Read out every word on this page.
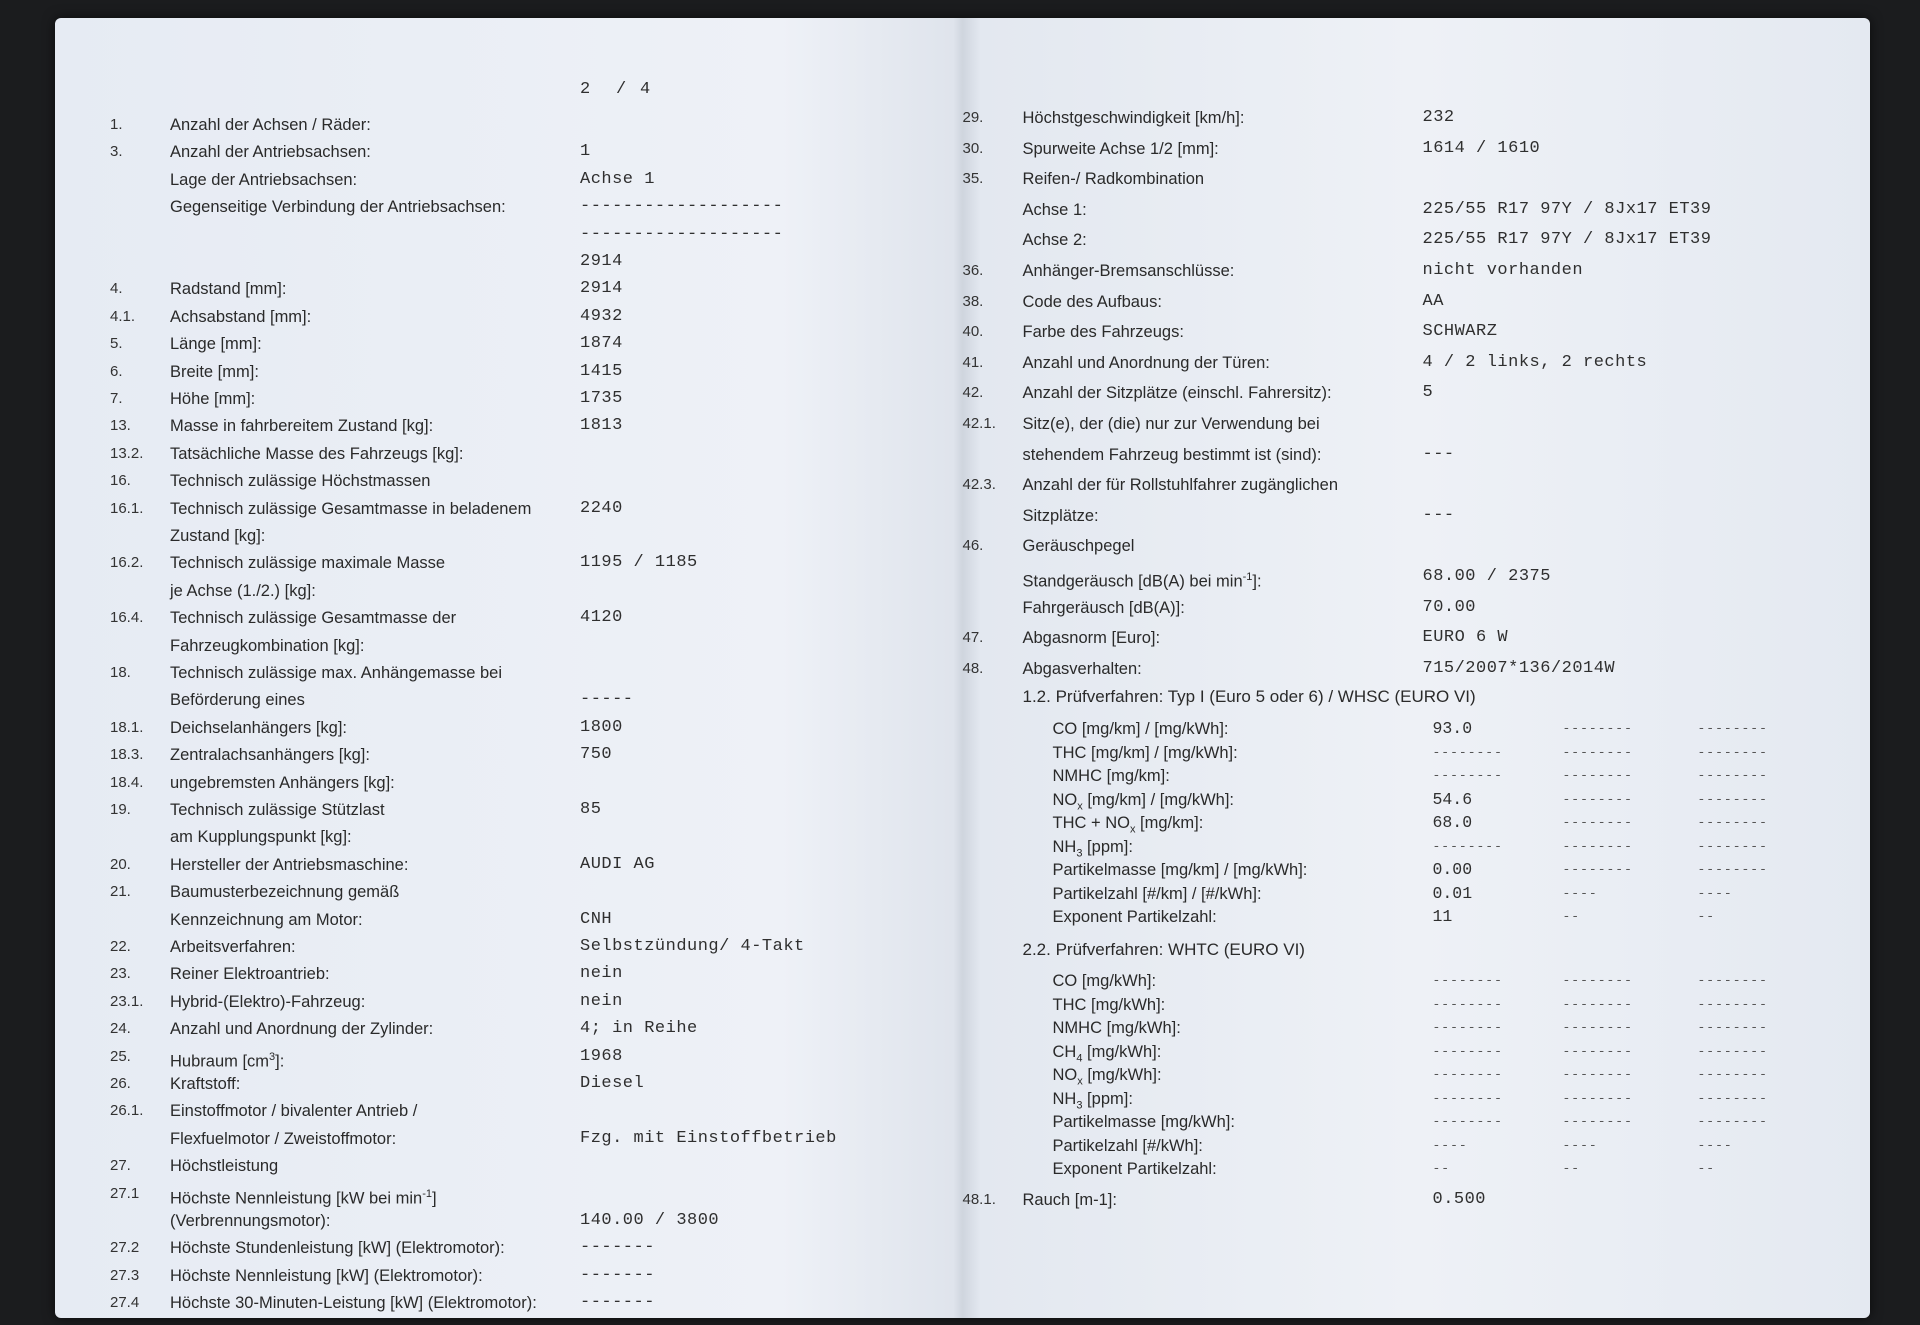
2 / 4
1.	Anzahl der Achsen / Räder:
3.	Anzahl der Antriebsachsen:	1
Lage der Antriebsachsen:	Achse 1
Gegenseitige Verbindung der Antriebsachsen:	-------------------
-------------------
2914
4.	Radstand [mm]:	2914
4.1.	Achsabstand [mm]:	4932
5.	Länge [mm]:	1874
6.	Breite [mm]:	1415
7.	Höhe [mm]:	1735
13.	Masse in fahrbereitem Zustand [kg]:	1813
13.2.	Tatsächliche Masse des Fahrzeugs [kg]:
16.	Technisch zulässige Höchstmassen
16.1.	Technisch zulässige Gesamtmasse in beladenem	2240
Zustand [kg]:
16.2.	Technisch zulässige maximale Masse	1195 / 1185
je Achse (1./2.) [kg]:
16.4.	Technisch zulässige Gesamtmasse der	4120
Fahrzeugkombination [kg]:
18.	Technisch zulässige max. Anhängemasse bei
Beförderung eines	-----
18.1.	Deichselanhängers [kg]:	1800
18.3.	Zentralachsanhängers [kg]:	750
18.4.	ungebremsten Anhängers [kg]:
19.	Technisch zulässige Stützlast	85
am Kupplungspunkt [kg]:
20.	Hersteller der Antriebsmaschine:	AUDI AG
21.	Baumusterbezeichnung gemäß
Kennzeichnung am Motor:	CNH
22.	Arbeitsverfahren:	Selbstzündung/ 4-Takt
23.	Reiner Elektroantrieb:	nein
23.1.	Hybrid-(Elektro)-Fahrzeug:	nein
24.	Anzahl und Anordnung der Zylinder:	4; in Reihe
25.	Hubraum $[cm^3]$:	1968
26.	Kraftstoff:	Diesel
26.1.	Einstoffmotor / bivalenter Antrieb /
Flexfuelmotor / Zweistoffmotor:	Fzg. mit Einstoffbetrieb
27.	Höchstleistung
27.1	Höchste Nennleistung [kW bei $\min^{-1}$]
(Verbrennungsmotor):	140.00 / 3800
27.2	Höchste Stundenleistung [kW] (Elektromotor):	-------
27.3	Höchste Nennleistung [kW] (Elektromotor):	-------
27.4	Höchste 30-Minuten-Leistung [kW] (Elektromotor):	-------
29.	Höchstgeschwindigkeit [km/h]:	232
30.	Spurweite Achse 1/2 [mm]:	1614 / 1610
35.	Reifen-/ Radkombination
Achse 1:	225/55 R17 97Y / 8Jx17 ET39
Achse 2:	225/55 R17 97Y / 8Jx17 ET39
36.	Anhänger-Bremsanschlüsse:	nicht vorhanden
38.	Code des Aufbaus:	AA
40.	Farbe des Fahrzeugs:	SCHWARZ
41.	Anzahl und Anordnung der Türen:	4 / 2 links, 2 rechts
42.	Anzahl der Sitzplätze (einschl. Fahrersitz):	5
42.1.	Sitz(e), der (die) nur zur Verwendung bei
stehendem Fahrzeug bestimmt ist (sind):	---
42.3.	Anzahl der für Rollstuhlfahrer zugänglichen
Sitzplätze:	---
46.	Geräuschpegel
Standgeräusch [dB(A) bei $\min^{-1}$]:	68.00 / 2375
Fahrgeräusch [dB(A)]:	70.00
47.	Abgasnorm [Euro]:	EURO 6 W
48.	Abgasverhalten:	715/2007*136/2014W
1.2. Prüfverfahren: Typ I (Euro 5 oder 6) / WHSC (EURO VI)
CO [mg/km] / [mg/kWh]:	93.0	--------	--------
THC [mg/km] / [mg/kWh]:	--------	--------	--------
NMHC [mg/km]:	--------	--------	--------
$NO_x$ [mg/km] / [mg/kWh]:	54.6	--------	--------
THC + $NO_x$ [mg/km]:	68.0	--------	--------
$NH_3$ [ppm]:	--------	--------	--------
Partikelmasse [mg/km] / [mg/kWh]:	0.00	--------	--------
Partikelzahl [#/km] / [#/kWh]:	0.01	----	----
Exponent Partikelzahl:	11	--	--
2.2. Prüfverfahren: WHTC (EURO VI)
CO [mg/kWh]:	--------	--------	--------
THC [mg/kWh]:	--------	--------	--------
NMHC [mg/kWh]:	--------	--------	--------
$CH_4$ [mg/kWh]:	--------	--------	--------
$NO_x$ [mg/kWh]:	--------	--------	--------
$NH_3$ [ppm]:	--------	--------	--------
Partikelmasse [mg/kWh]:	--------	--------	--------
Partikelzahl [#/kWh]:	----	----	----
Exponent Partikelzahl:	--	--	--
48.1.	Rauch [m-1]:	0.500
